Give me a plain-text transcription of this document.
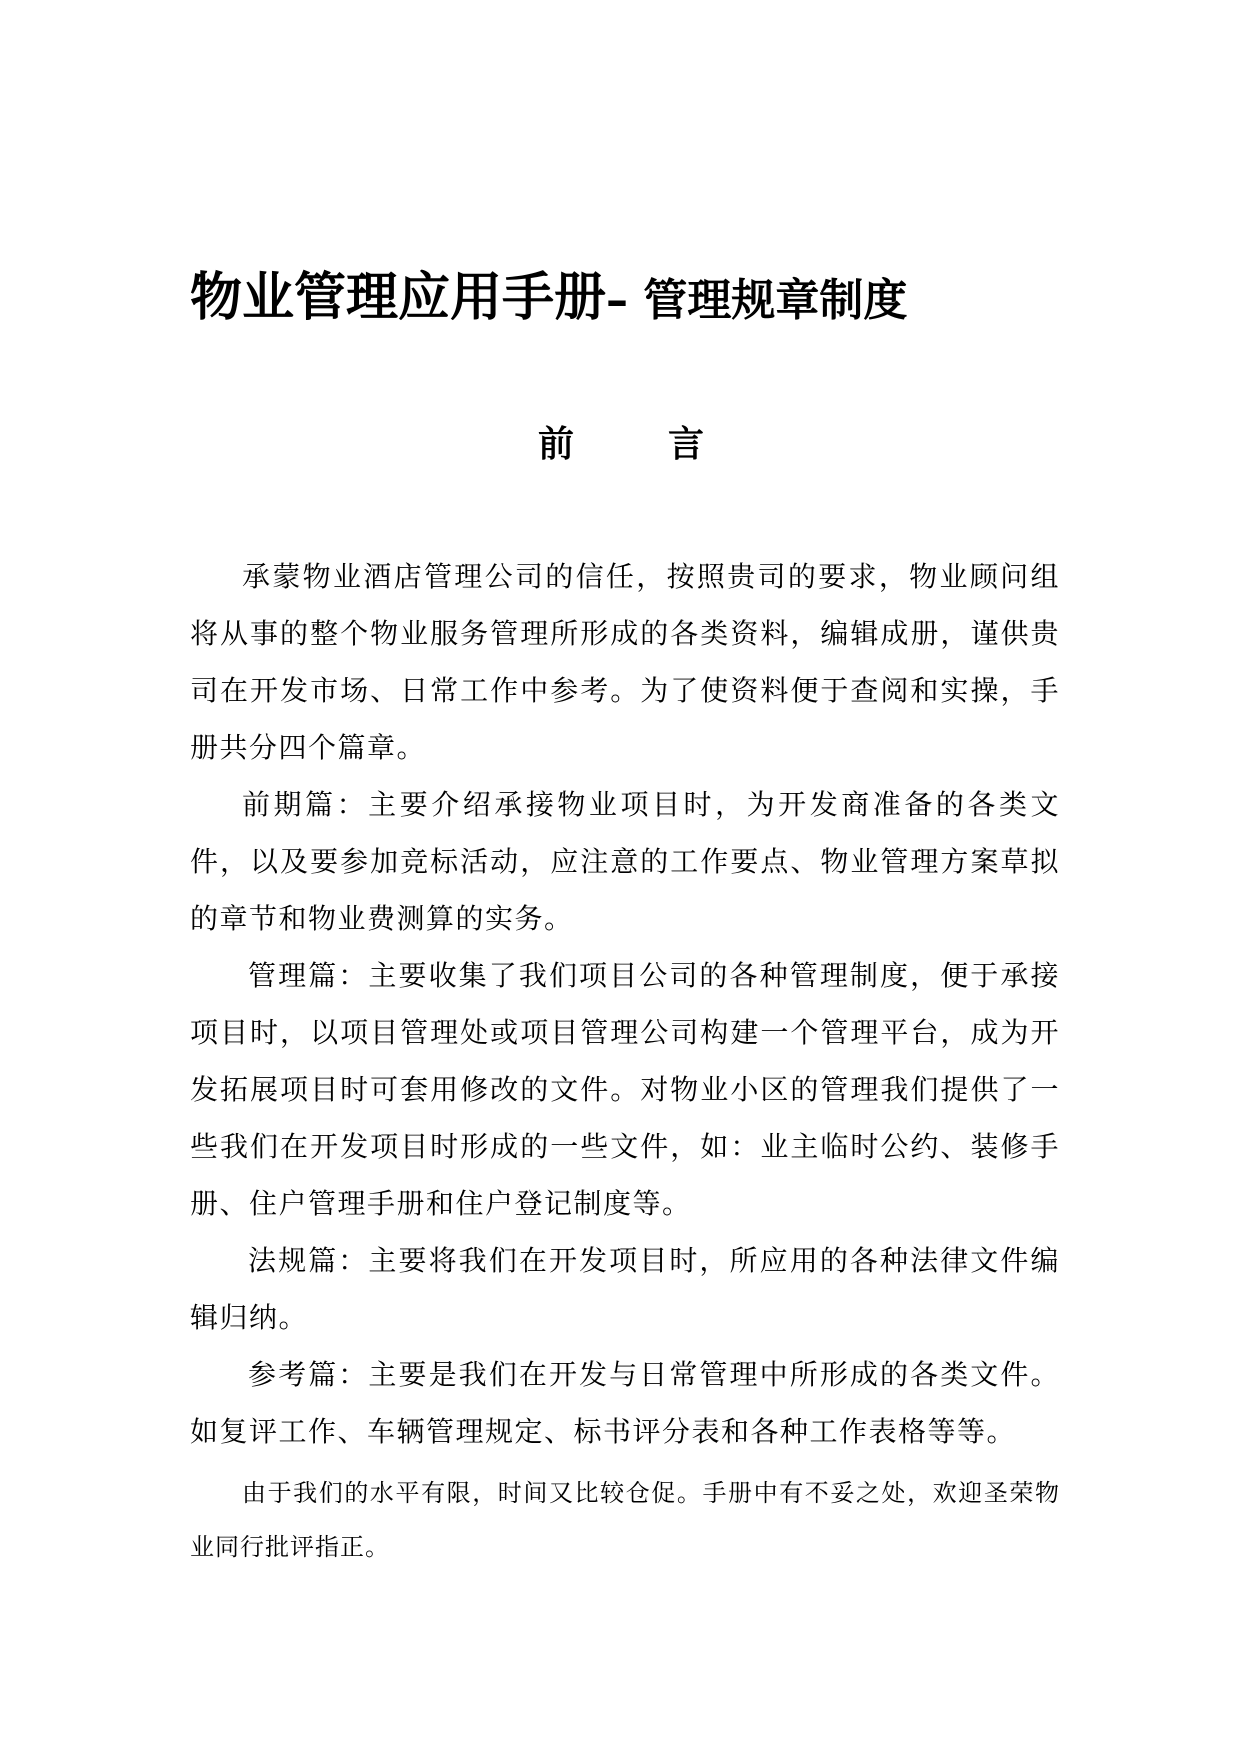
物业管理应用手册– 管理规章制度
前	言

承蒙物业酒店管理公司的信任，按照贵司的要求，物业顾问组将从事的整个物业服务管理所形成的各类资料，编辑成册，谨供贵司在开发市场、日常工作中参考。为了使资料便于查阅和实操，手册共分四个篇章。

前期篇：主要介绍承接物业项目时，为开发商准备的各类文件，以及要参加竞标活动，应注意的工作要点、物业管理方案草拟的章节和物业费测算的实务。

管理篇：主要收集了我们项目公司的各种管理制度，便于承接项目时，以项目管理处或项目管理公司构建一个管理平台，成为开发拓展项目时可套用修改的文件。对物业小区的管理我们提供了一些我们在开发项目时形成的一些文件，如：业主临时公约、装修手册、住户管理手册和住户登记制度等。

法规篇：主要将我们在开发项目时，所应用的各种法律文件编辑归纳。

参考篇：主要是我们在开发与日常管理中所形成的各类文件。如复评工作、车辆管理规定、标书评分表和各种工作表格等等。

由于我们的水平有限，时间又比较仓促。手册中有不妥之处，欢迎圣荣物业同行批评指正。
